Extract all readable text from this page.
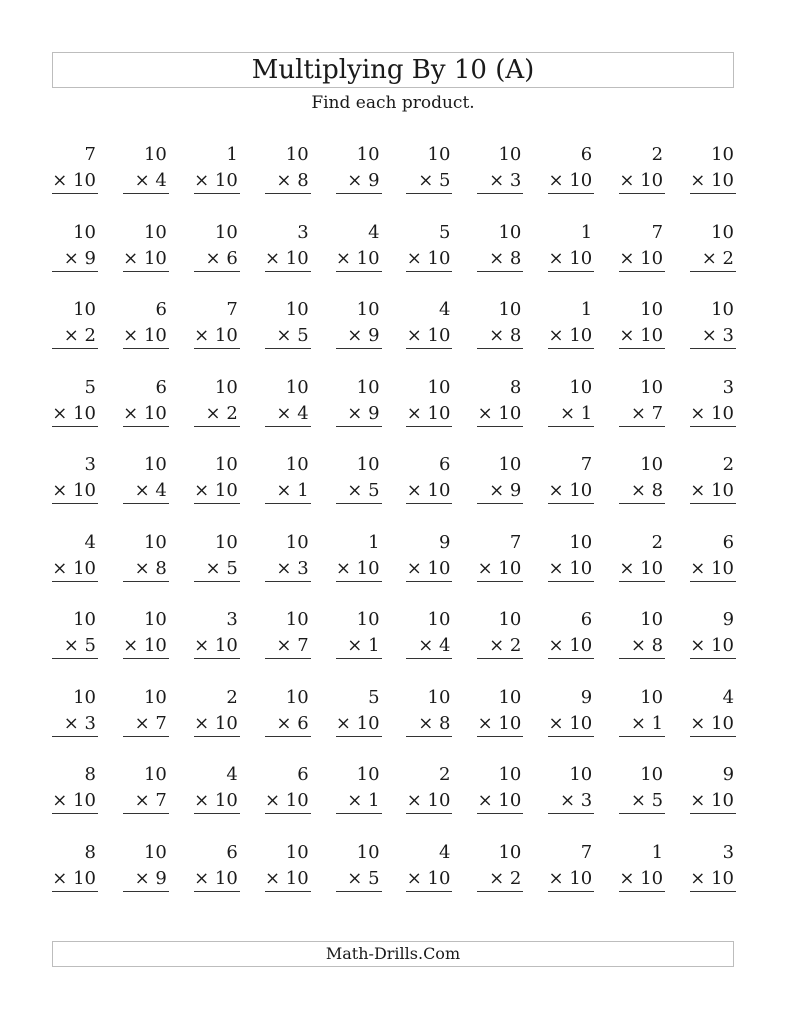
Multiplying By 10 (A)
Find each product.
7
× 10
10
× 4
1
× 10
10
× 8
10
× 9
10
× 5
10
× 3
6
× 10
2
× 10
10
× 10
10
× 9
10
× 10
10
× 6
3
× 10
4
× 10
5
× 10
10
× 8
1
× 10
7
× 10
10
× 2
10
× 2
6
× 10
7
× 10
10
× 5
10
× 9
4
× 10
10
× 8
1
× 10
10
× 10
10
× 3
5
× 10
6
× 10
10
× 2
10
× 4
10
× 9
10
× 10
8
× 10
10
× 1
10
× 7
3
× 10
3
× 10
10
× 4
10
× 10
10
× 1
10
× 5
6
× 10
10
× 9
7
× 10
10
× 8
2
× 10
4
× 10
10
× 8
10
× 5
10
× 3
1
× 10
9
× 10
7
× 10
10
× 10
2
× 10
6
× 10
10
× 5
10
× 10
3
× 10
10
× 7
10
× 1
10
× 4
10
× 2
6
× 10
10
× 8
9
× 10
10
× 3
10
× 7
2
× 10
10
× 6
5
× 10
10
× 8
10
× 10
9
× 10
10
× 1
4
× 10
8
× 10
10
× 7
4
× 10
6
× 10
10
× 1
2
× 10
10
× 10
10
× 3
10
× 5
9
× 10
8
× 10
10
× 9
6
× 10
10
× 10
10
× 5
4
× 10
10
× 2
7
× 10
1
× 10
3
× 10
Math-Drills.Com
